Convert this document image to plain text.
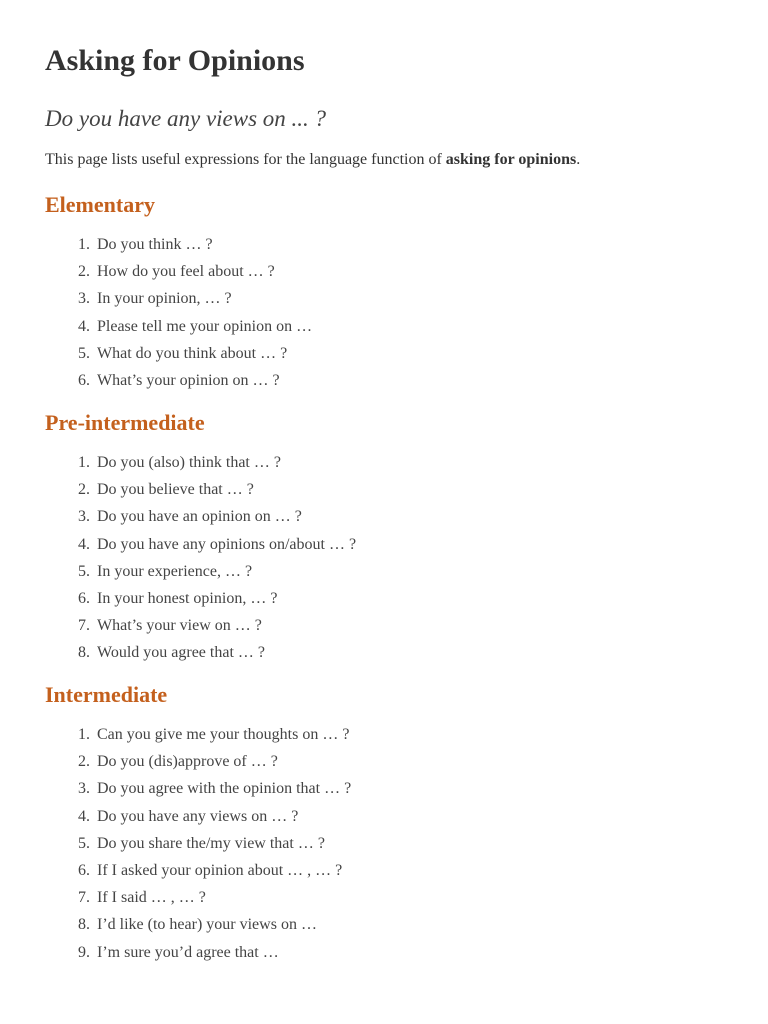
Asking for Opinions

Do you have any views on ... ?

This page lists useful expressions for the language function of asking for opinions.

Elementary
1 . Do you think … ?
2 . How do you feel about … ?
3 . In your opinion, … ?
4 . Please tell me your opinion on …
5 . What do you think about … ?
6 . What’s your opinion on … ?
Pre-intermediate
1 . Do you (also) think that … ?
2 . Do you believe that … ?
3 . Do you have an opinion on … ?
4 . Do you have any opinions on/about … ?
5 . In your experience, … ?
6 . In your honest opinion, … ?
7 . What’s your view on … ?
8 . Would you agree that … ?
Intermediate
1 . Can you give me your thoughts on … ?
2 . Do you (dis)approve of … ?
3 . Do you agree with the opinion that … ?
4 . Do you have any views on … ?
5 . Do you share the/my view that … ?
6 . If I asked your opinion about … , … ?
7 . If I said … , … ?
8 . I’d like (to hear) your views on …
9 . I’m sure you’d agree that …
